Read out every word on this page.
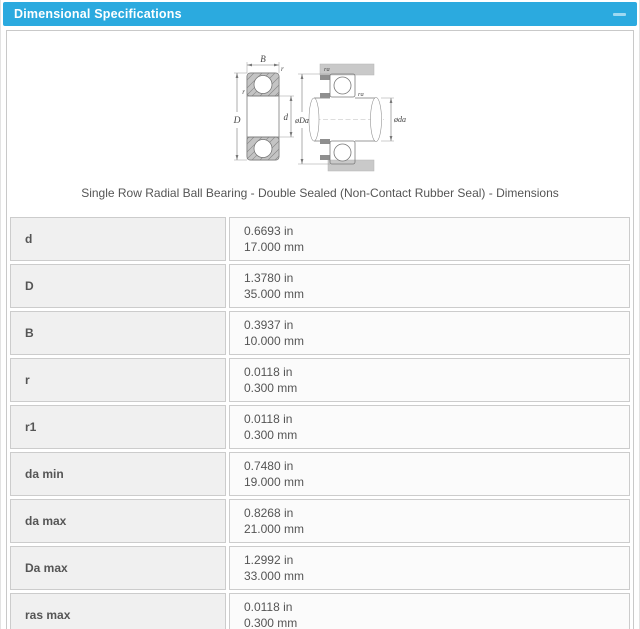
Dimensional Specifications
B
D	d
r
r
øDa	øda
ra
ra
Single Row Radial Ball Bearing - Double Sealed (Non-Contact Rubber Seal) - Dimensions
d	0.6693 in
17.000 mm

D	1.3780 in
35.000 mm

B	0.3937 in
10.000 mm

r	0.0118 in
0.300 mm

r1	0.0118 in
0.300 mm

da min	0.7480 in
19.000 mm

da max	0.8268 in
21.000 mm

Da max	1.2992 in
33.000 mm

ras max	0.0118 in
0.300 mm
